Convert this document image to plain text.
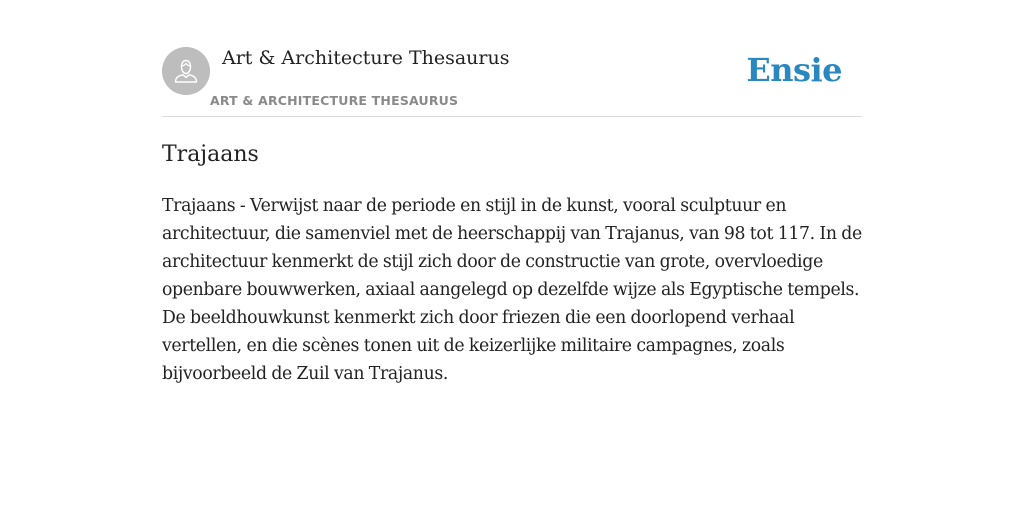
Art & Architecture Thesaurus
ART & ARCHITECTURE THESAURUS
Ensie
Trajaans

Trajaans - Verwijst naar de periode en stijl in de kunst, vooral sculptuur en architectuur, die samenviel met de heerschappij van Trajanus, van 98 tot 117. In de architectuur kenmerkt de stijl zich door de constructie van grote, overvloedige openbare bouwwerken, axiaal aangelegd op dezelfde wijze als Egyptische tempels. De beeldhouwkunst kenmerkt zich door friezen die een doorlopend verhaal vertellen, en die scènes tonen uit de keizerlijke militaire campagnes, zoals bijvoorbeeld de Zuil van Trajanus.
